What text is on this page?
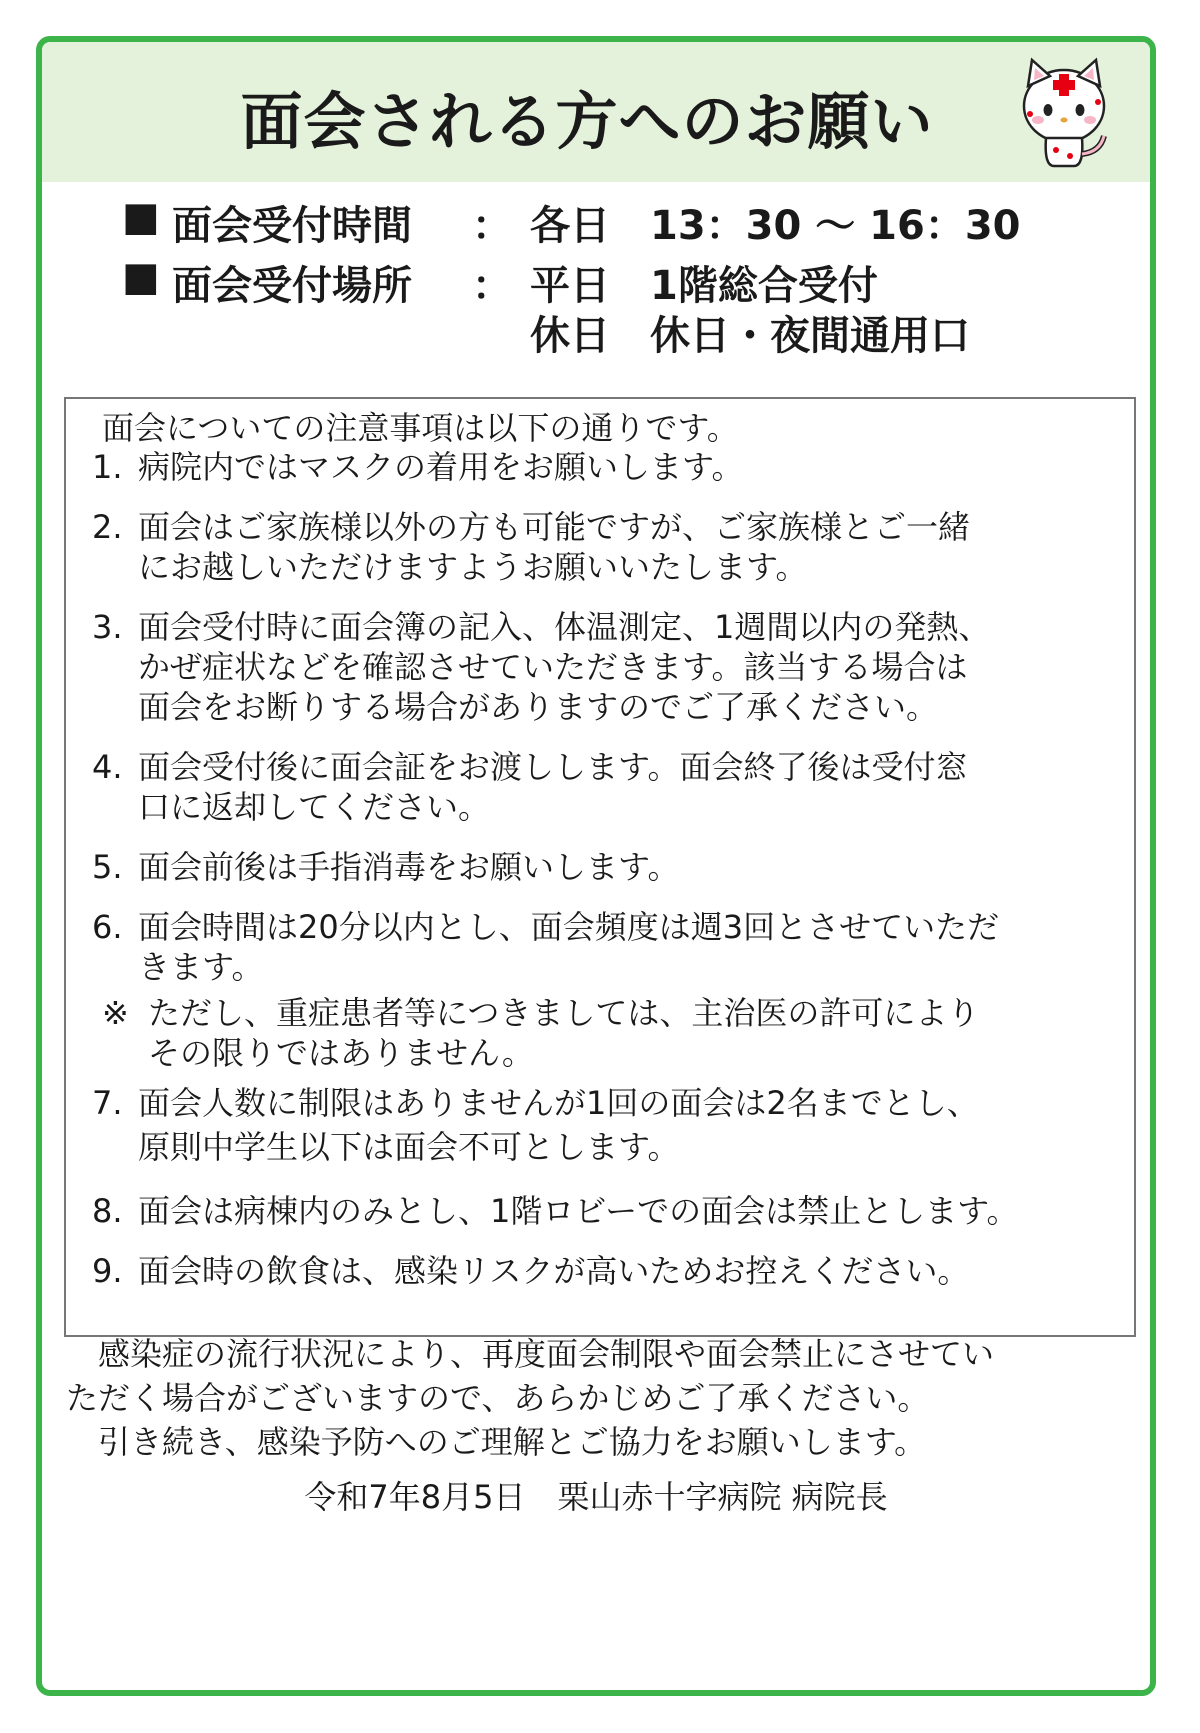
面会される方へのお願い
■ 面会受付時間 ： 各日　13：30 ～ 16：30
■ 面会受付場所 ： 平日　1階総合受付
休日　休日・夜間通用口

面会についての注意事項は以下の通りです。

1. 病院内ではマスクの着用をお願いします。
2. 面会はご家族様以外の方も可能ですが、ご家族様とご一緒
にお越しいただけますようお願いいたします。
3. 面会受付時に面会簿の記入、体温測定、1週間以内の発熱、
かぜ症状などを確認させていただきます。該当する場合は
面会をお断りする場合がありますのでご了承ください。
4. 面会受付後に面会証をお渡しします。面会終了後は受付窓
口に返却してください。
5. 面会前後は手指消毒をお願いします。
6. 面会時間は20分以内とし、面会頻度は週3回とさせていただ
きます。
※ ただし、重症患者等につきましては、主治医の許可により
その限りではありません。
7. 面会人数に制限はありませんが1回の面会は2名までとし、
原則中学生以下は面会不可とします。
8. 面会は病棟内のみとし、1階ロビーでの面会は禁止とします。
9. 面会時の飲食は、感染リスクが高いためお控えください。

　感染症の流行状況により、再度面会制限や面会禁止にさせてい

ただく場合がございますので、あらかじめご了承ください。

　引き続き、感染予防へのご理解とご協力をお願いします。

令和7年8月5日　栗山赤十字病院 病院長
